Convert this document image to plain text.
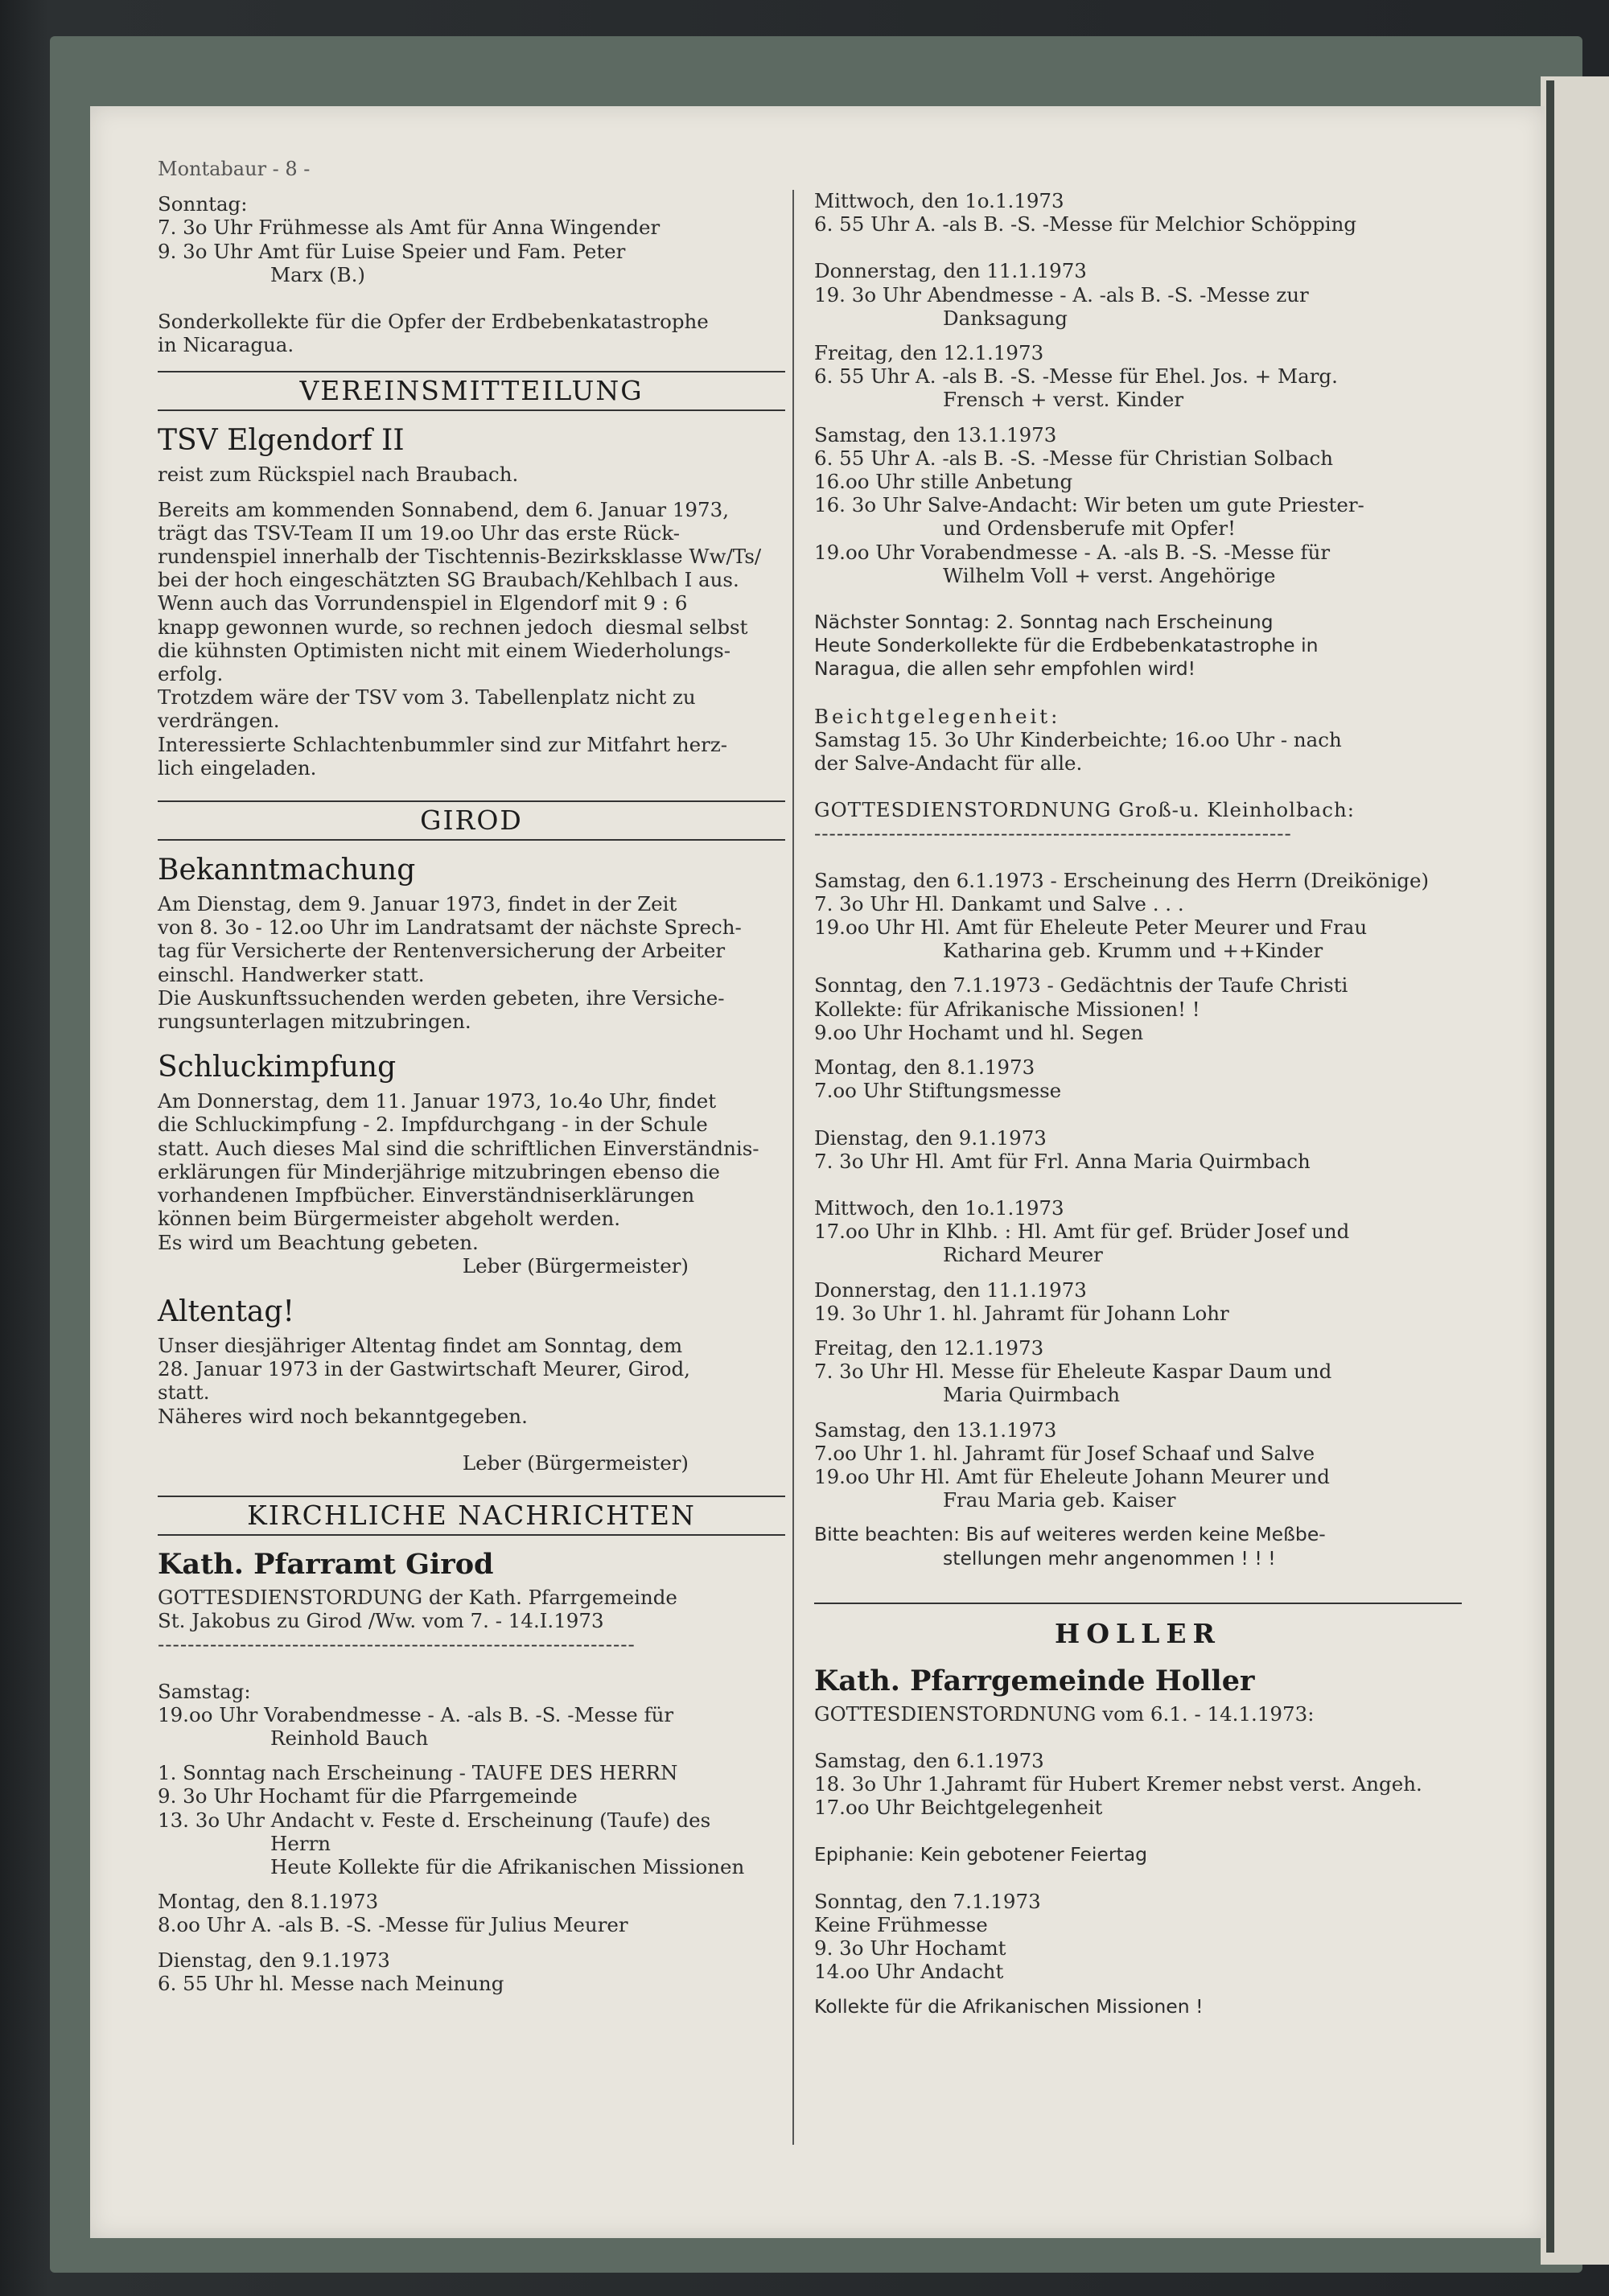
Montabaur - 8 -
Sonntag:
7. 3o Uhr Frühmesse als Amt für Anna Wingender
9. 3o Uhr Amt für Luise Speier und Fam. Peter
Marx (B.)
Sonderkollekte für die Opfer der Erdbebenkatastrophe
in Nicaragua.
VEREINSMITTEILUNG
TSV Elgendorf II
reist zum Rückspiel nach Braubach.
Bereits am kommenden Sonnabend, dem 6. Januar 1973,
trägt das TSV-Team II um 19.oo Uhr das erste Rück-
rundenspiel innerhalb der Tischtennis-Bezirksklasse Ww/Ts/
bei der hoch eingeschätzten SG Braubach/Kehlbach I aus.
Wenn auch das Vorrundenspiel in Elgendorf mit 9 : 6
knapp gewonnen wurde, so rechnen jedoch  diesmal selbst
die kühnsten Optimisten nicht mit einem Wiederholungs-
erfolg.
Trotzdem wäre der TSV vom 3. Tabellenplatz nicht zu
verdrängen.
Interessierte Schlachtenbummler sind zur Mitfahrt herz-
lich eingeladen.
GIROD
Bekanntmachung
Am Dienstag, dem 9. Januar 1973, findet in der Zeit
von 8. 3o - 12.oo Uhr im Landratsamt der nächste Sprech-
tag für Versicherte der Rentenversicherung der Arbeiter
einschl. Handwerker statt.
Die Auskunftssuchenden werden gebeten, ihre Versiche-
rungsunterlagen mitzubringen.
Schluckimpfung
Am Donnerstag, dem 11. Januar 1973, 1o.4o Uhr, findet
die Schluckimpfung - 2. Impfdurchgang - in der Schule
statt. Auch dieses Mal sind die schriftlichen Einverständnis-
erklärungen für Minderjährige mitzubringen ebenso die
vorhandenen Impfbücher. Einverständniserklärungen
können beim Bürgermeister abgeholt werden.
Es wird um Beachtung gebeten.
Leber (Bürgermeister)
Altentag!
Unser diesjähriger Altentag findet am Sonntag, dem
28. Januar 1973 in der Gastwirtschaft Meurer, Girod,
statt.
Näheres wird noch bekanntgegeben.
Leber (Bürgermeister)
KIRCHLICHE NACHRICHTEN
Kath. Pfarramt Girod
GOTTESDIENSTORDUNG der Kath. Pfarrgemeinde
St. Jakobus zu Girod /Ww. vom 7. - 14.I.1973
----------------------------------------------------------------
Samstag:
19.oo Uhr Vorabendmesse - A. -als B. -S. -Messe für
Reinhold Bauch
1. Sonntag nach Erscheinung - TAUFE DES HERRN
9. 3o Uhr Hochamt für die Pfarrgemeinde
13. 3o Uhr Andacht v. Feste d. Erscheinung (Taufe) des
Herrn
Heute Kollekte für die Afrikanischen Missionen
Montag, den 8.1.1973
8.oo Uhr A. -als B. -S. -Messe für Julius Meurer
Dienstag, den 9.1.1973
6. 55 Uhr hl. Messe nach Meinung
Mittwoch, den 1o.1.1973
6. 55 Uhr A. -als B. -S. -Messe für Melchior Schöpping
Donnerstag, den 11.1.1973
19. 3o Uhr Abendmesse - A. -als B. -S. -Messe zur
Danksagung
Freitag, den 12.1.1973
6. 55 Uhr A. -als B. -S. -Messe für Ehel. Jos. + Marg.
Frensch + verst. Kinder
Samstag, den 13.1.1973
6. 55 Uhr A. -als B. -S. -Messe für Christian Solbach
16.oo Uhr stille Anbetung
16. 3o Uhr Salve-Andacht: Wir beten um gute Priester-
und Ordensberufe mit Opfer!
19.oo Uhr Vorabendmesse - A. -als B. -S. -Messe für
Wilhelm Voll + verst. Angehörige
Nächster Sonntag: 2. Sonntag nach Erscheinung
Heute Sonderkollekte für die Erdbebenkatastrophe in
Naragua, die allen sehr empfohlen wird!
Beichtgelegenheit:
Samstag 15. 3o Uhr Kinderbeichte; 16.oo Uhr - nach
der Salve-Andacht für alle.
GOTTESDIENSTORDNUNG Groß-u. Kleinholbach:
----------------------------------------------------------------
Samstag, den 6.1.1973 - Erscheinung des Herrn (Dreikönige)
7. 3o Uhr Hl. Dankamt und Salve . . .
19.oo Uhr Hl. Amt für Eheleute Peter Meurer und Frau
Katharina geb. Krumm und ++Kinder
Sonntag, den 7.1.1973 - Gedächtnis der Taufe Christi
Kollekte: für Afrikanische Missionen! !
9.oo Uhr Hochamt und hl. Segen
Montag, den 8.1.1973
7.oo Uhr Stiftungsmesse
Dienstag, den 9.1.1973
7. 3o Uhr Hl. Amt für Frl. Anna Maria Quirmbach
Mittwoch, den 1o.1.1973
17.oo Uhr in Klhb. : Hl. Amt für gef. Brüder Josef und
Richard Meurer
Donnerstag, den 11.1.1973
19. 3o Uhr 1. hl. Jahramt für Johann Lohr
Freitag, den 12.1.1973
7. 3o Uhr Hl. Messe für Eheleute Kaspar Daum und
Maria Quirmbach
Samstag, den 13.1.1973
7.oo Uhr 1. hl. Jahramt für Josef Schaaf und Salve
19.oo Uhr Hl. Amt für Eheleute Johann Meurer und
Frau Maria geb. Kaiser
Bitte beachten: Bis auf weiteres werden keine Meßbe-
stellungen mehr angenommen ! ! !
HOLLER
Kath. Pfarrgemeinde Holler
GOTTESDIENSTORDNUNG vom 6.1. - 14.1.1973:
Samstag, den 6.1.1973
18. 3o Uhr 1.Jahramt für Hubert Kremer nebst verst. Angeh.
17.oo Uhr Beichtgelegenheit
Epiphanie: Kein gebotener Feiertag
Sonntag, den 7.1.1973
Keine Frühmesse
9. 3o Uhr Hochamt
14.oo Uhr Andacht
Kollekte für die Afrikanischen Missionen !
